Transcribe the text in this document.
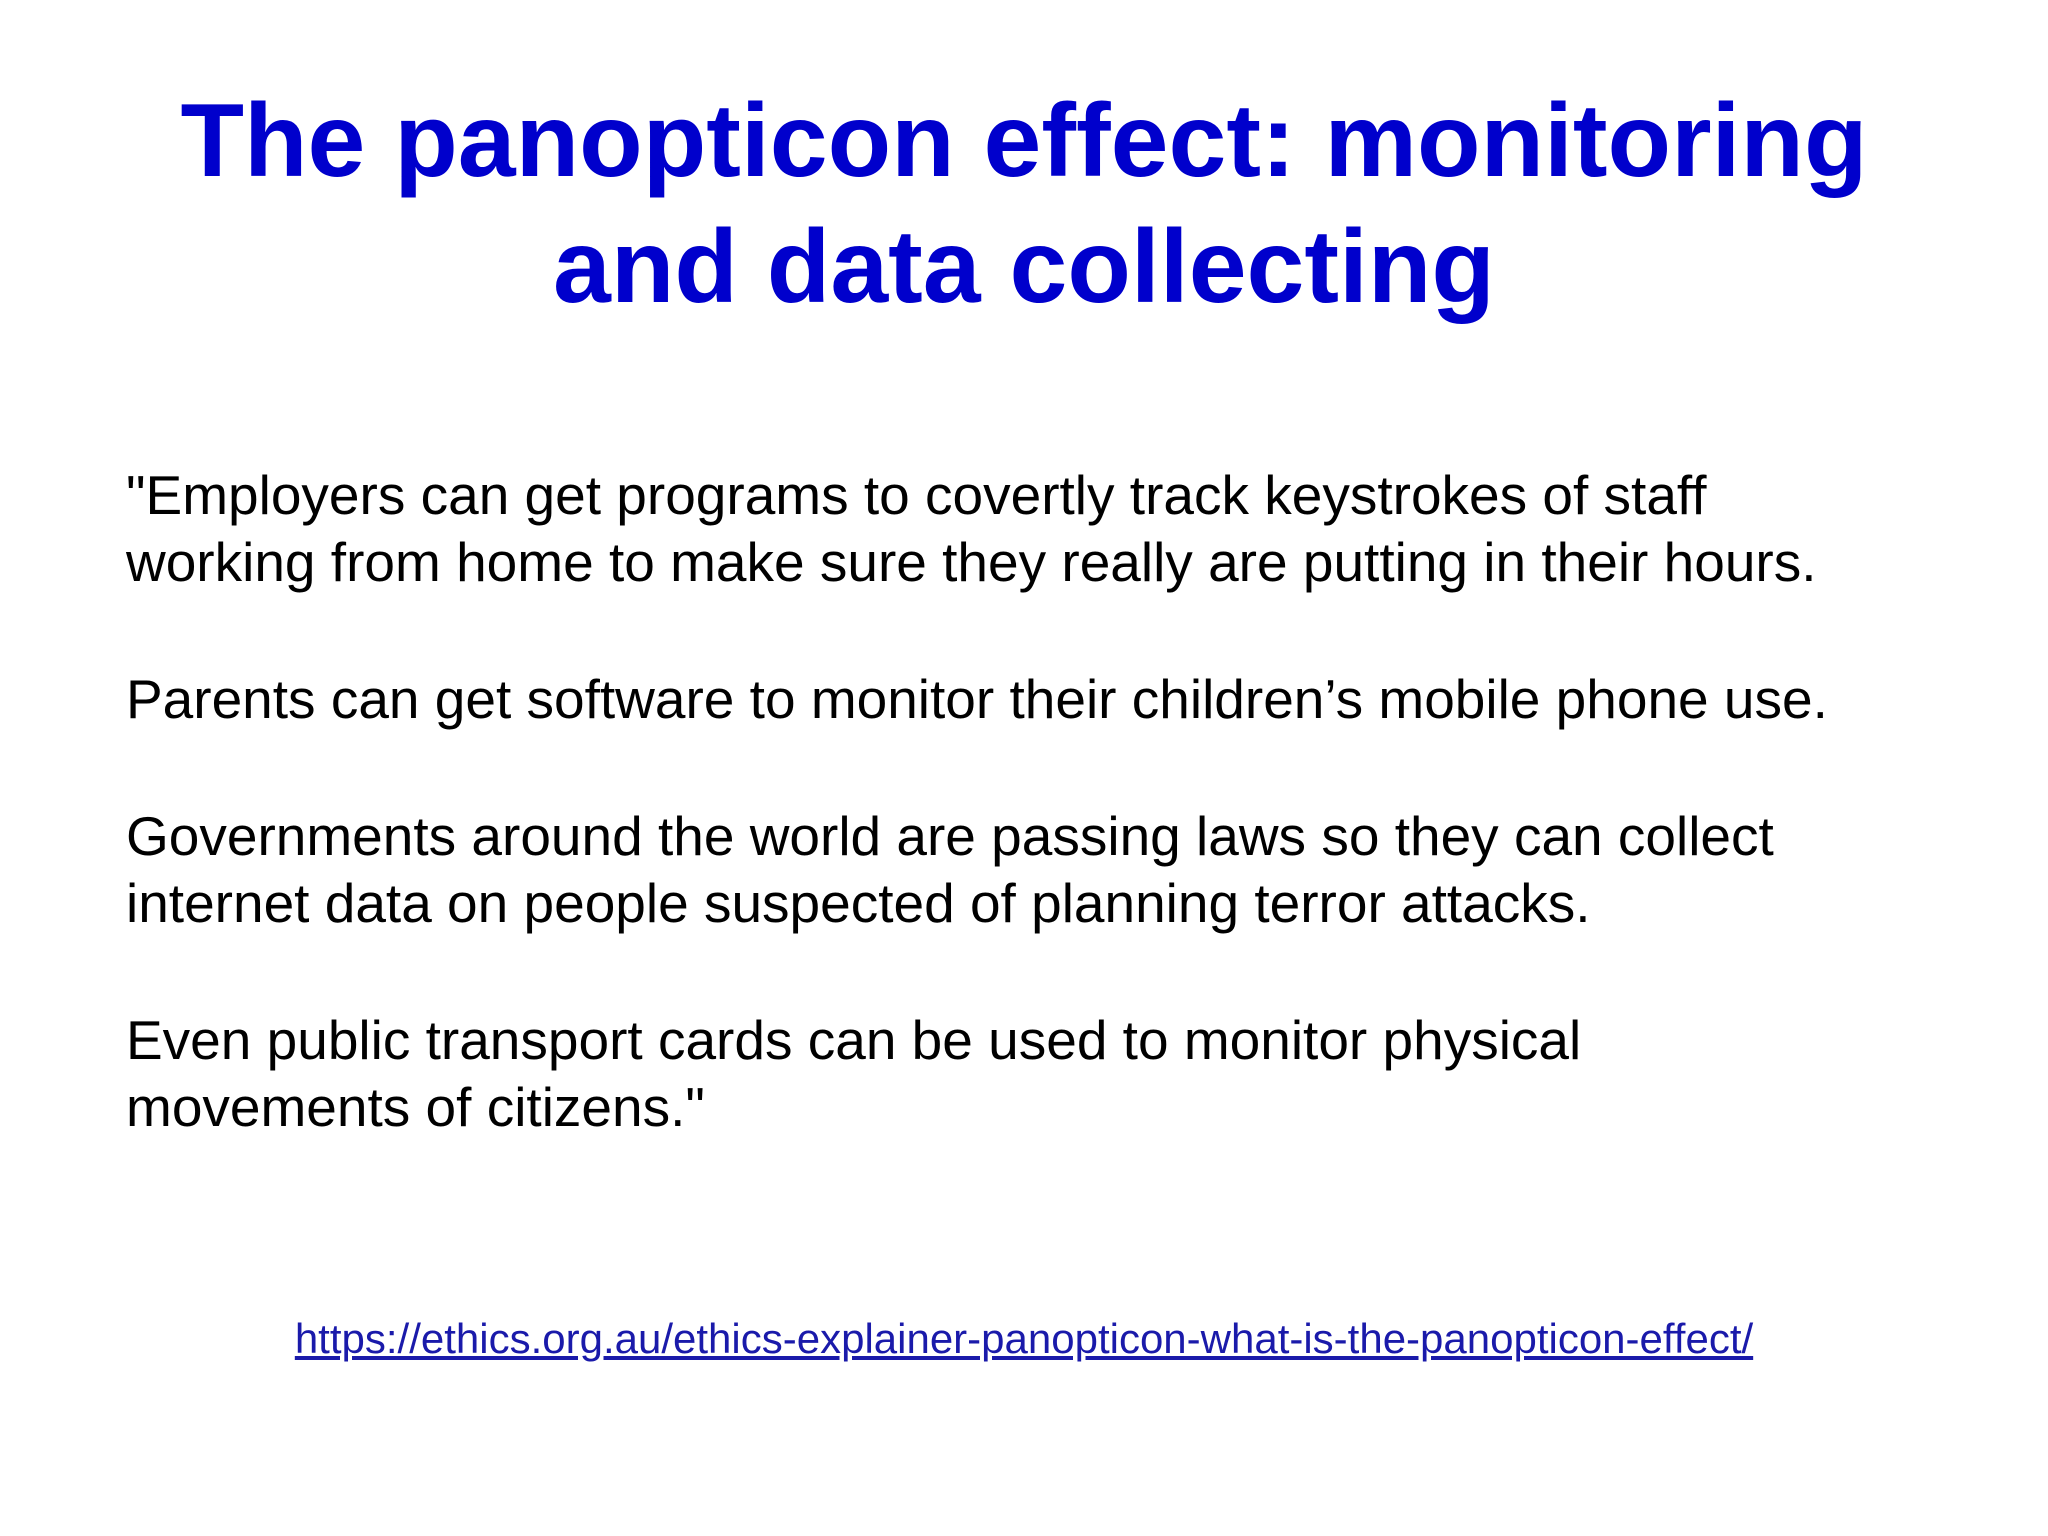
The panopticon effect: monitoring
and data collecting

"Employers can get programs to covertly track keystrokes of staff
working from home to make sure they really are putting in their hours.

Parents can get software to monitor their children’s mobile phone use.

Governments around the world are passing laws so they can collect
internet data on people suspected of planning terror attacks.

Even public transport cards can be used to monitor physical
movements of citizens."

https://ethics.org.au/ethics-explainer-panopticon-what-is-the-panopticon-effect/
